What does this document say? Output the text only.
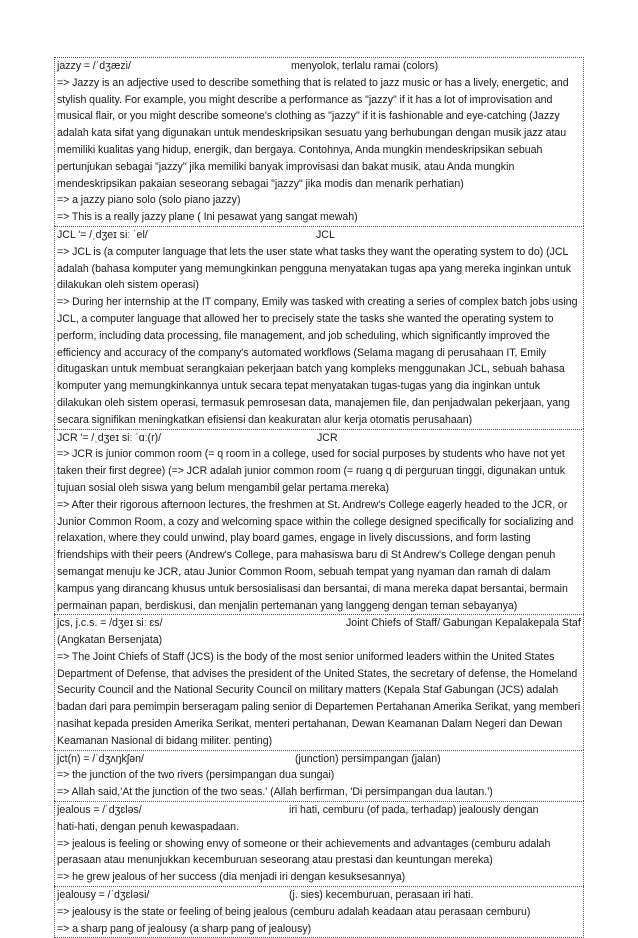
jazzy = /ˈdʒæzi/	menyolok, terlalu ramai (colors)
=> Jazzy is an adjective used to describe something that is related to jazz music or has a lively, energetic, and stylish quality. For example, you might describe a performance as "jazzy" if it has a lot of improvisation and musical flair, or you might describe someone's clothing as "jazzy" if it is fashionable and eye-catching (Jazzy adalah kata sifat yang digunakan untuk mendeskripsikan sesuatu yang berhubungan dengan musik jazz atau memiliki kualitas yang hidup, energik, dan bergaya. Contohnya, Anda mungkin mendeskripsikan sebuah pertunjukan sebagai "jazzy" jika memiliki banyak improvisasi dan bakat musik, atau Anda mungkin mendeskripsikan pakaian seseorang sebagai "jazzy" jika modis dan menarik perhatian)
=> a jazzy piano solo (solo piano jazzy)
=> This is a really jazzy plane ( Ini pesawat yang sangat mewah)
JCL '= /ˌdʒeɪ siː ˈel/	JCL
=> JCL is (a computer language that lets the user state what tasks they want the operating system to do) (JCL adalah (bahasa komputer yang memungkinkan pengguna menyatakan tugas apa yang mereka inginkan untuk dilakukan oleh sistem operasi)
=> During her internship at the IT company, Emily was tasked with creating a series of complex batch jobs using JCL, a computer language that allowed her to precisely state the tasks she wanted the operating system to perform, including data processing, file management, and job scheduling, which significantly improved the efficiency and accuracy of the company's automated workflows (Selama magang di perusahaan IT, Emily ditugaskan untuk membuat serangkaian pekerjaan batch yang kompleks menggunakan JCL, sebuah bahasa komputer yang memungkinkannya untuk secara tepat menyatakan tugas-tugas yang dia inginkan untuk dilakukan oleh sistem operasi, termasuk pemrosesan data, manajemen file, dan penjadwalan pekerjaan, yang secara signifikan meningkatkan efisiensi dan keakuratan alur kerja otomatis perusahaan)
JCR '= /ˌdʒeɪ siː ˈɑː(r)/	JCR
=> JCR is junior common room (= q room in a college, used for social purposes by students who have not yet taken their first degree) (=> JCR adalah junior common room (= ruang q di perguruan tinggi, digunakan untuk tujuan sosial oleh siswa yang belum mengambil gelar pertama mereka)
=> After their rigorous afternoon lectures, the freshmen at St. Andrew's College eagerly headed to the JCR, or Junior Common Room, a cozy and welcoming space within the college designed specifically for socializing and relaxation, where they could unwind, play board games, engage in lively discussions, and form lasting friendships with their peers (Andrew's College, para mahasiswa baru di St Andrew's College dengan penuh semangat menuju ke JCR, atau Junior Common Room, sebuah tempat yang nyaman dan ramah di dalam kampus yang dirancang khusus untuk bersosialisasi dan bersantai, di mana mereka dapat bersantai, bermain permainan papan, berdiskusi, dan menjalin pertemanan yang langgeng dengan teman sebayanya)
jcs, j.c.s. = /dʒeɪ siː ɛs/	Joint Chiefs of Staff/ Gabungan Kepalakepala Staf
(Angkatan Bersenjata)
=> The Joint Chiefs of Staff (JCS) is the body of the most senior uniformed leaders within the United States Department of Defense, that advises the president of the United States, the secretary of defense, the Homeland Security Council and the National Security Council on military matters (Kepala Staf Gabungan (JCS) adalah badan dari para pemimpin berseragam paling senior di Departemen Pertahanan Amerika Serikat, yang memberi nasihat kepada presiden Amerika Serikat, menteri pertahanan, Dewan Keamanan Dalam Negeri dan Dewan Keamanan Nasional di bidang militer. penting)
jct(n) = /ˈdʒʌŋkʃən/	(junction) persimpangan (jalan)
=> the junction of the two rivers (persimpangan dua sungai)
=> Allah said,'At the junction of the two seas.' (Allah berfirman, 'Di persimpangan dua lautan.')
jealous = /ˈdʒɛləs/	iri hati, cemburu (of pada, terhadap) jealously dengan
hati-hati, dengan penuh kewaspadaan.
=> jealous is feeling or showing envy of someone or their achievements and advantages (cemburu adalah perasaan atau menunjukkan kecemburuan seseorang atau prestasi dan keuntungan mereka)
=> he grew jealous of her success (dia menjadi iri dengan kesuksesannya)
jealousy = /ˈdʒɛləsi/	(j. sies) kecemburuan, perasaan iri hati.
=> jealousy is the state or feeling of being jealous (cemburu adalah keadaan atau perasaan cemburu)
=> a sharp pang of jealousy (a sharp pang of jealousy)
